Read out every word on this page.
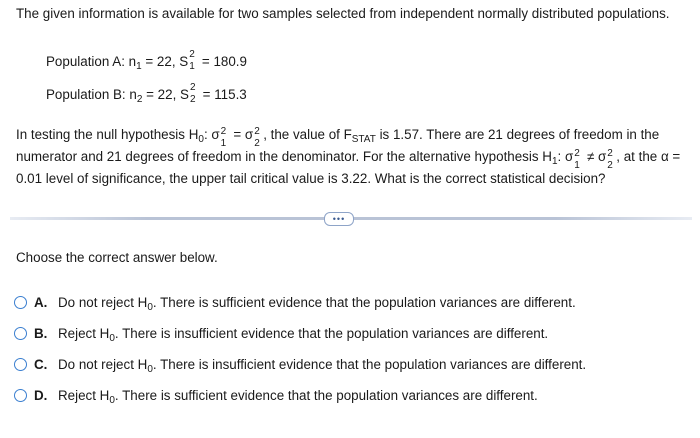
The given information is available for two samples selected from independent normally distributed populations.
Population A: $n_1 = 22$, S 2
1 = 180.9
Population B: $n_2 = 22$, S 2
2 = 115.3
In testing the null hypothesis $H_0$: σ 2
1
= σ 2
2
, the value of $F_{STAT}$ is 1.57. There are 21 degrees of freedom in the numerator and 21 degrees of freedom in the denominator. For the alternative hypothesis $H_1$: σ 2
1
≠ σ 2
2
, at the α = 0.01 level of significance, the upper tail critical value is 3.22. What is the correct statistical decision?
•••
Choose the correct answer below.
A. Do not reject $H_0$. There is sufficient evidence that the population variances are different.
B. Reject $H_0$. There is insufficient evidence that the population variances are different.
C. Do not reject $H_0$. There is insufficient evidence that the population variances are different.
D. Reject $H_0$. There is sufficient evidence that the population variances are different.
